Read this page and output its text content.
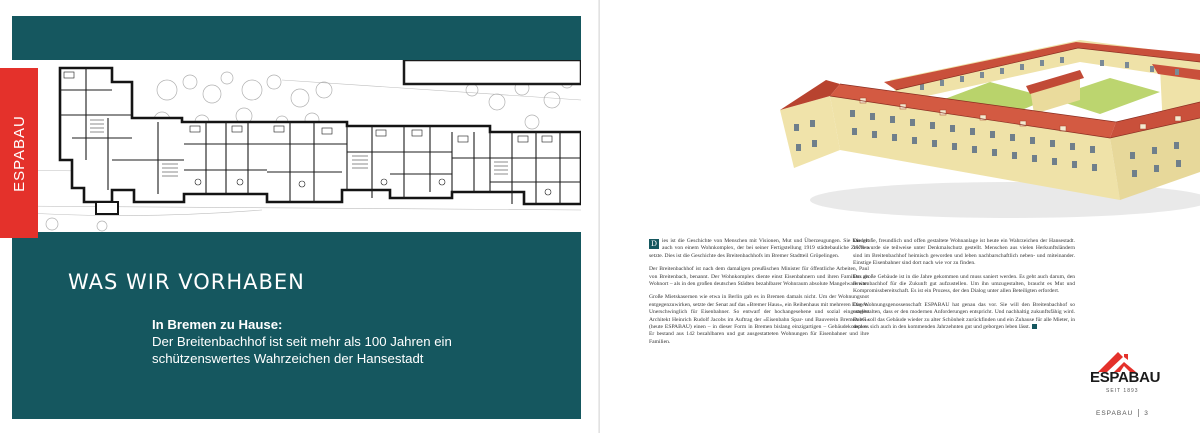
ESPABAU
WAS WIR VORHABEN
In Bremen zu Hause:
Der Breitenbachhof ist seit mehr als 100 Jahren ein
schützenswertes Wahrzeichen der Hansestadt

D ies ist die Geschichte von Menschen mit Visionen, Mut und Überzeugungen. Sie handelt auch von einem Wohnkomplex, der bei seiner Fertigstellung 1919 städtebauliche Zeichen setzte. Dies ist die Geschichte des Breitenbachhofs im Bremer Stadtteil Gröpelingen.

Der Breitenbachhof ist nach dem damaligen preußischen Minister für öffentliche Arbeiten, Paul von Breitenbach, benannt. Der Wohnkomplex diente einst Eisenbahnern und ihren Familien als Wohnort – als in den großen deutschen Städten bezahlbarer Wohnraum absolute Mangelware war.

Große Mietskasernen wie etwa in Berlin gab es in Bremen damals nicht. Um der Wohnungsnot entgegenzuwirken, setzte der Senat auf das »Bremer Haus«, ein Reihenhaus mit mehreren Etagen. Unerschwinglich für Eisenbahner. So entwarf der hochangesehene und sozial eingestellte Architekt Heinrich Rudolf Jacobs im Auftrag der »Eisenbahn Spar- und Bauverein Bremen eG« (heute ESPABAU) einen – in dieser Form in Bremen bislang einzigartigen – Gebäudekomplex. Er bestand aus 142 bezahlbaren und gut ausgestatteten Wohnungen für Eisenbahner und ihre Familien.

Die große, freundlich und offen gestaltete Wohnanlage ist heute ein Wahrzeichen der Hansestadt. 1978 wurde sie teilweise unter Denkmalschutz gestellt. Menschen aus vielen Herkunftsländern sind im Breitenbachhof heimisch geworden und leben nachbarschaftlich neben- und miteinander. Einstige Eisenbahner sind dort nach wie vor zu finden.

Das große Gebäude ist in die Jahre gekommen und muss saniert werden. Es geht auch darum, den Breitenbachhof für die Zukunft gut aufzustellen. Um ihn umzugestalten, braucht es Mut und Kompromissbereitschaft. Es ist ein Prozess, der den Dialog unter allen Beteiligten erfordert.

Die Wohnungsgenossenschaft ESPABAU hat genau das vor. Sie will den Breitenbachhof so umgestalten, dass er den modernen Anforderungen entspricht. Und nachhaltig zukunftsfähig wird. Dabei soll das Gebäude wieder zu alter Schönheit zurückfinden und ein Zuhause für alle Mieter, in dem es sich auch in den kommenden Jahrzehnten gut und geborgen leben lässt.

ESPABAU
SEIT 1893
ESPABAU 3
